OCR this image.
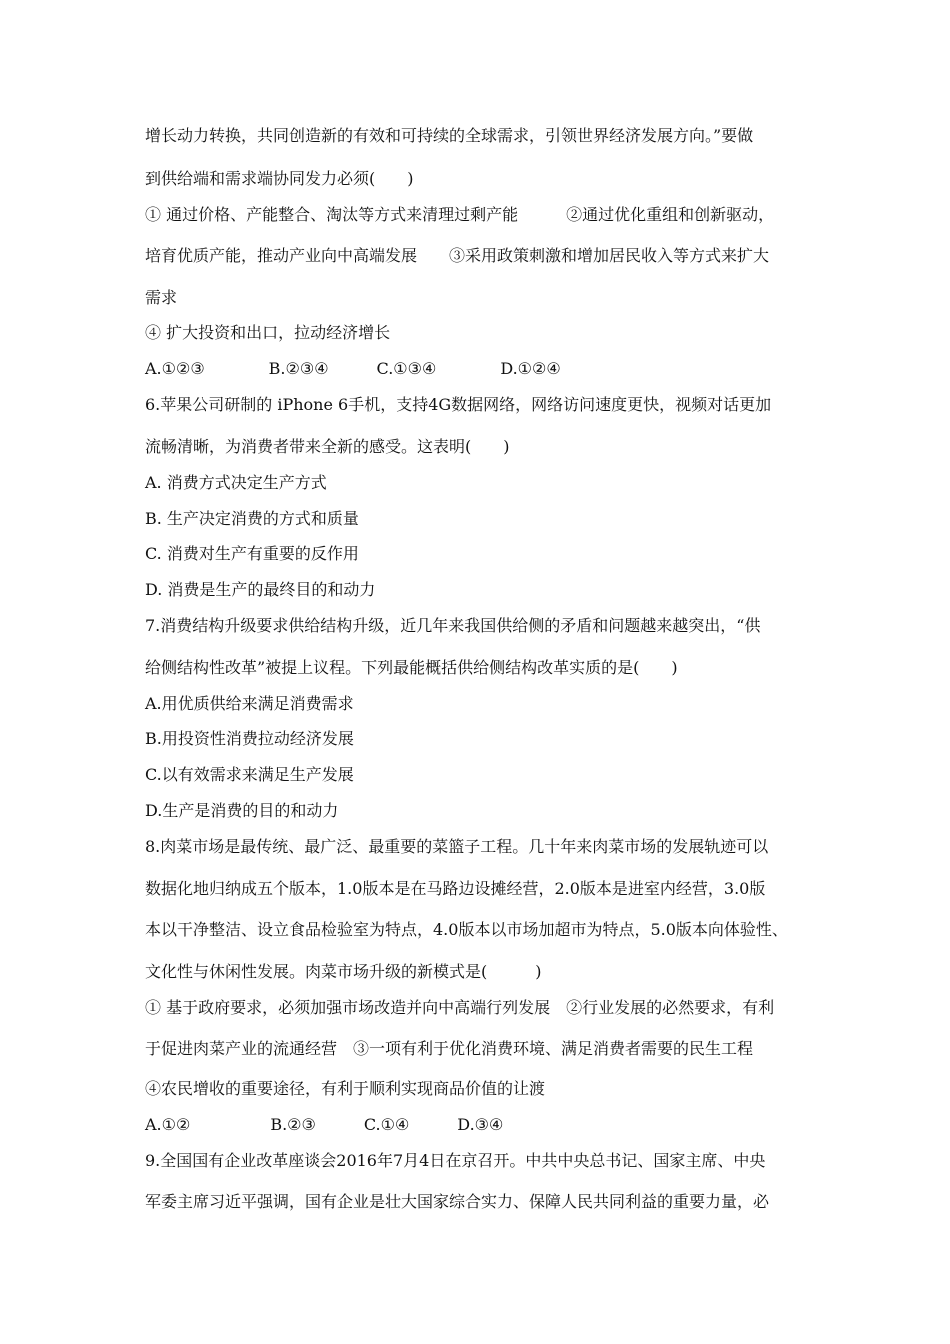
增长动力转换，共同创造新的有效和可持续的全球需求，引领世界经济发展方向。”要做
到供给端和需求端协同发力必须(　　)
① 通过价格、产能整合、淘汰等方式来清理过剩产能　　　②通过优化重组和创新驱动，
培育优质产能，推动产业向中高端发展　　③采用政策刺激和增加居民收入等方式来扩大
需求
④ 扩大投资和出口，拉动经济增长
A.①②③　　　　B.②③④　　　C.①③④　　　　D.①②④
6.苹果公司研制的 iPhone 6手机，支持4G数据网络，网络访问速度更快，视频对话更加
流畅清晰，为消费者带来全新的感受。这表明(　　)
A. 消费方式决定生产方式
B. 生产决定消费的方式和质量
C. 消费对生产有重要的反作用
D. 消费是生产的最终目的和动力
7.消费结构升级要求供给结构升级，近几年来我国供给侧的矛盾和问题越来越突出，“供
给侧结构性改革”被提上议程。下列最能概括供给侧结构改革实质的是(　　)
A.用优质供给来满足消费需求
B.用投资性消费拉动经济发展
C.以有效需求来满足生产发展
D.生产是消费的目的和动力
8.肉菜市场是最传统、最广泛、最重要的菜篮子工程。几十年来肉菜市场的发展轨迹可以
数据化地归纳成五个版本，1.0版本是在马路边设摊经营，2.0版本是进室内经营，3.0版
本以干净整洁、设立食品检验室为特点，4.0版本以市场加超市为特点，5.0版本向体验性、
文化性与休闲性发展。肉菜市场升级的新模式是(　　　)
① 基于政府要求，必须加强市场改造并向中高端行列发展　②行业发展的必然要求，有利
于促进肉菜产业的流通经营　③一项有利于优化消费环境、满足消费者需要的民生工程
④农民增收的重要途径，有利于顺利实现商品价值的让渡
A.①②　　　　　B.②③　　　C.①④　　　D.③④
9.全国国有企业改革座谈会2016年7月4日在京召开。中共中央总书记、国家主席、中央
军委主席习近平强调，国有企业是壮大国家综合实力、保障人民共同利益的重要力量，必
